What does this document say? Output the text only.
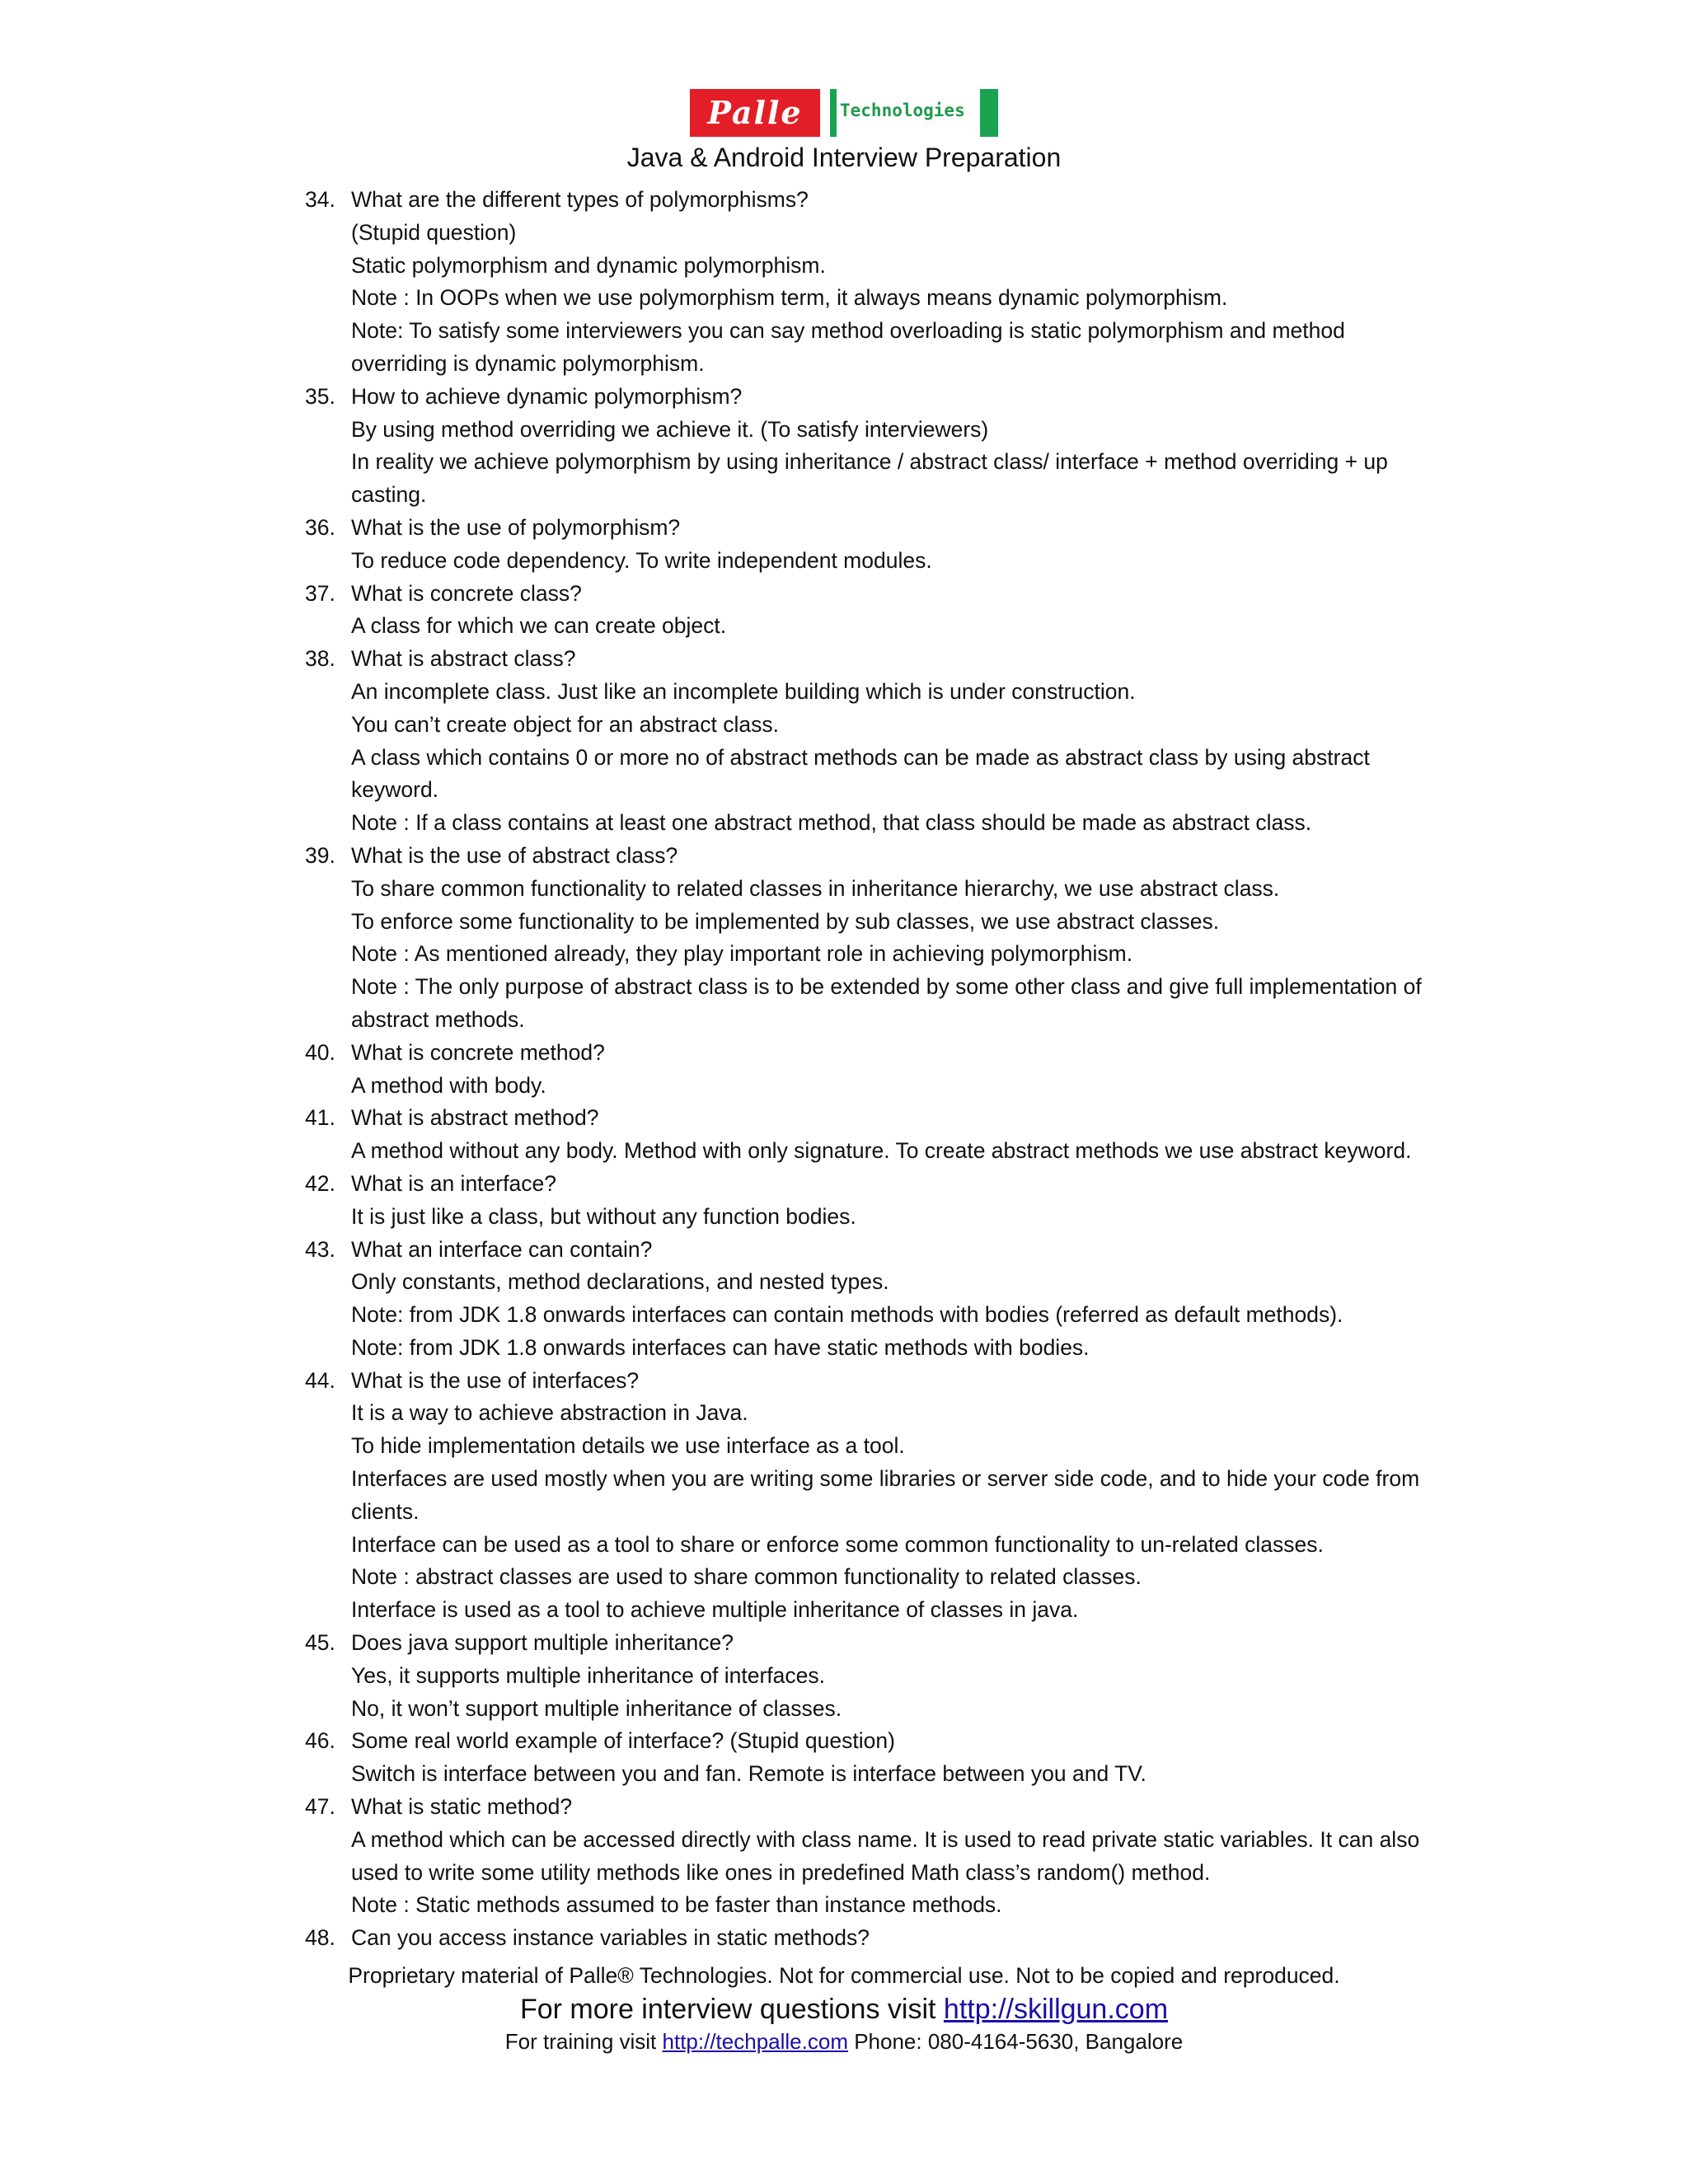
Palle	Technologies
Java & Android Interview Preparation
34. What are the different types of polymorphisms?
(Stupid question)
Static polymorphism and dynamic polymorphism.
Note : In OOPs when we use polymorphism term, it always means dynamic polymorphism.
Note: To satisfy some interviewers you can say method overloading is static polymorphism and method
overriding is dynamic polymorphism.
35. How to achieve dynamic polymorphism?
By using method overriding we achieve it. (To satisfy interviewers)
In reality we achieve polymorphism by using inheritance / abstract class/ interface + method overriding + up
casting.
36. What is the use of polymorphism?
To reduce code dependency. To write independent modules.
37. What is concrete class?
A class for which we can create object.
38. What is abstract class?
An incomplete class. Just like an incomplete building which is under construction.
You can’t create object for an abstract class.
A class which contains 0 or more no of abstract methods can be made as abstract class by using abstract
keyword.
Note : If a class contains at least one abstract method, that class should be made as abstract class.
39. What is the use of abstract class?
To share common functionality to related classes in inheritance hierarchy, we use abstract class.
To enforce some functionality to be implemented by sub classes, we use abstract classes.
Note : As mentioned already, they play important role in achieving polymorphism.
Note : The only purpose of abstract class is to be extended by some other class and give full implementation of
abstract methods.
40. What is concrete method?
A method with body.
41. What is abstract method?
A method without any body. Method with only signature. To create abstract methods we use abstract keyword.
42. What is an interface?
It is just like a class, but without any function bodies.
43. What an interface can contain?
Only constants, method declarations, and nested types.
Note: from JDK 1.8 onwards interfaces can contain methods with bodies (referred as default methods).
Note: from JDK 1.8 onwards interfaces can have static methods with bodies.
44. What is the use of interfaces?
It is a way to achieve abstraction in Java.
To hide implementation details we use interface as a tool.
Interfaces are used mostly when you are writing some libraries or server side code, and to hide your code from
clients.
Interface can be used as a tool to share or enforce some common functionality to un-related classes.
Note : abstract classes are used to share common functionality to related classes.
Interface is used as a tool to achieve multiple inheritance of classes in java.
45. Does java support multiple inheritance?
Yes, it supports multiple inheritance of interfaces.
No, it won’t support multiple inheritance of classes.
46. Some real world example of interface? (Stupid question)
Switch is interface between you and fan. Remote is interface between you and TV.
47. What is static method?
A method which can be accessed directly with class name. It is used to read private static variables. It can also
used to write some utility methods like ones in predefined Math class’s random() method.
Note : Static methods assumed to be faster than instance methods.
48. Can you access instance variables in static methods?
Proprietary material of Palle® Technologies. Not for commercial use. Not to be copied and reproduced.
For more interview questions visit http://skillgun.com
For training visit http://techpalle.com Phone: 080-4164-5630, Bangalore
